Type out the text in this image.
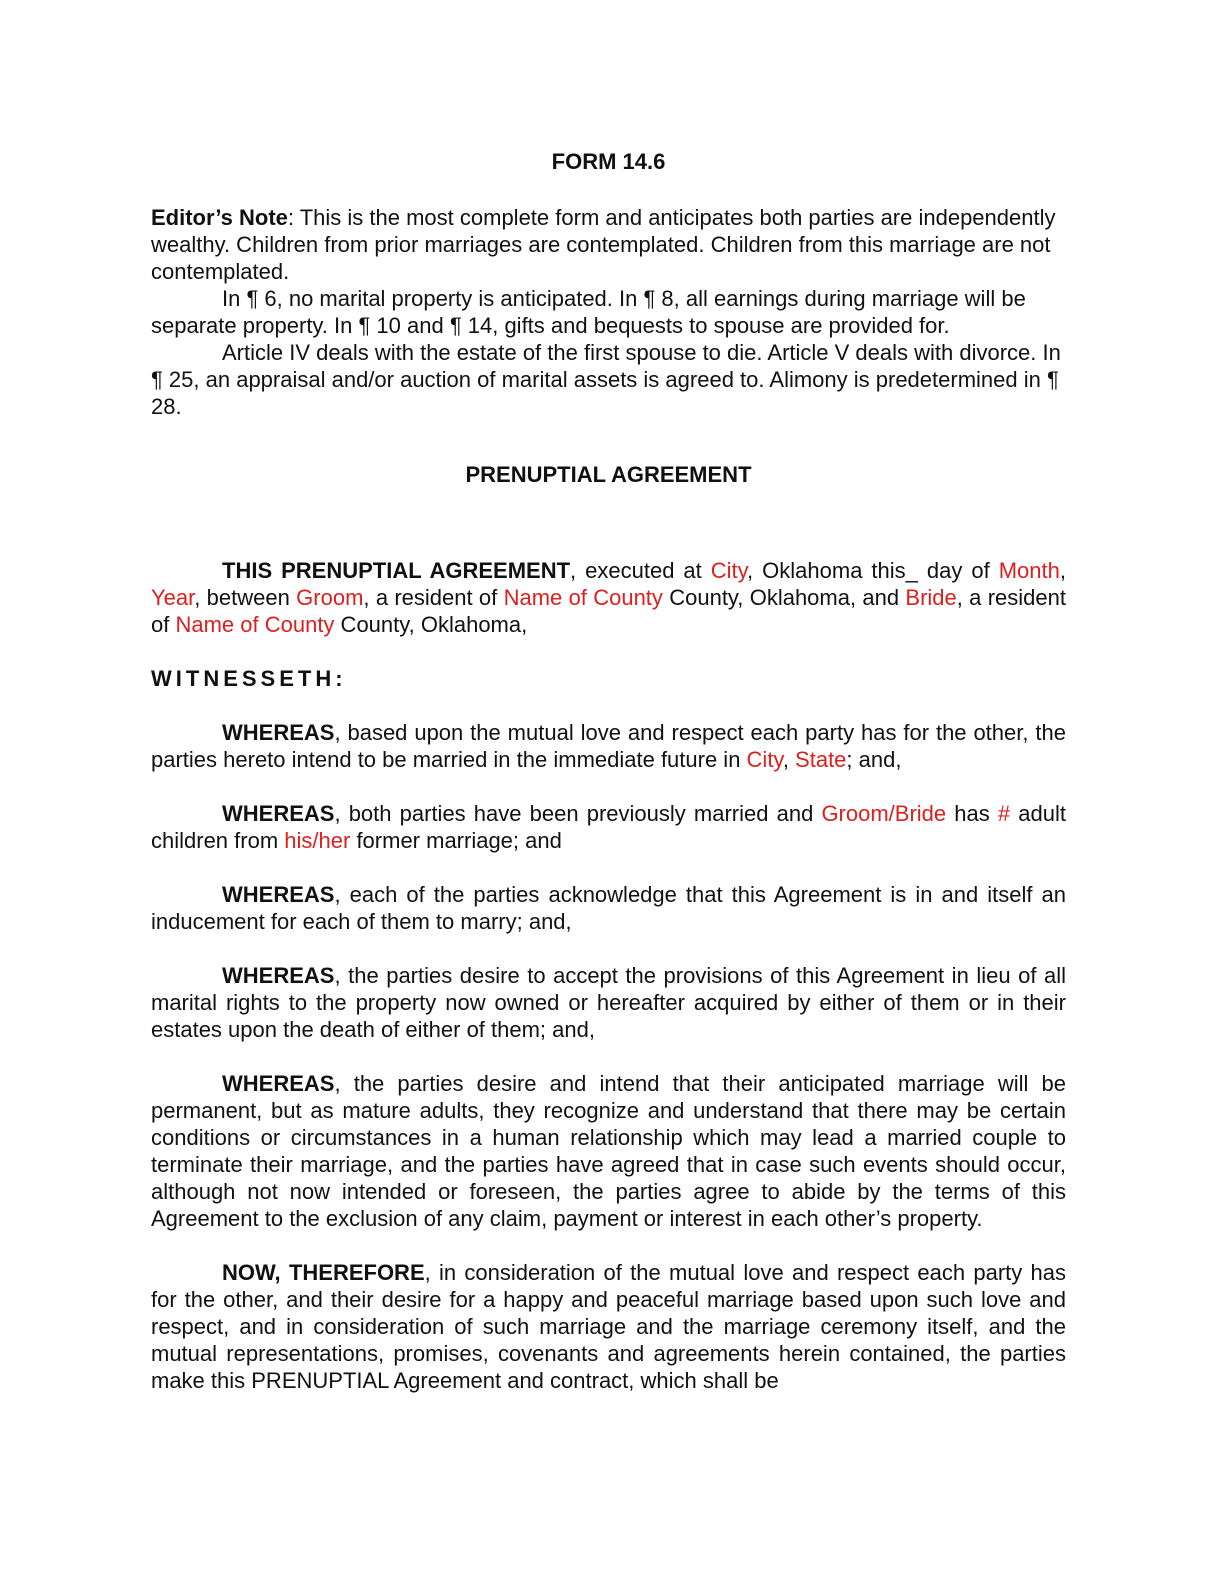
FORM 14.6

Editor’s Note: This is the most complete form and anticipates both parties are independently wealthy. Children from prior marriages are contemplated. Children from this marriage are not contemplated.

In ¶ 6, no marital property is anticipated. In ¶ 8, all earnings during marriage will be separate property. In ¶ 10 and ¶ 14, gifts and bequests to spouse are provided for.

Article IV deals with the estate of the first spouse to die. Article V deals with divorce. In ¶ 25, an appraisal and/or auction of marital assets is agreed to. Alimony is predetermined in ¶ 28.

PRENUPTIAL AGREEMENT

THIS PRENUPTIAL AGREEMENT, executed at City, Oklahoma this_ day of Month, Year, between Groom, a resident of Name of County County, Oklahoma, and Bride, a resident of Name of County County, Oklahoma,

WITNESSETH:

WHEREAS, based upon the mutual love and respect each party has for the other, the parties hereto intend to be married in the immediate future in City, State; and,

WHEREAS, both parties have been previously married and Groom/Bride has # adult children from his/her former marriage; and

WHEREAS, each of the parties acknowledge that this Agreement is in and itself an inducement for each of them to marry; and,

WHEREAS, the parties desire to accept the provisions of this Agreement in lieu of all marital rights to the property now owned or hereafter acquired by either of them or in their estates upon the death of either of them; and,

WHEREAS, the parties desire and intend that their anticipated marriage will be permanent, but as mature adults, they recognize and understand that there may be certain conditions or circumstances in a human relationship which may lead a married couple to terminate their marriage, and the parties have agreed that in case such events should occur, although not now intended or foreseen, the parties agree to abide by the terms of this Agreement to the exclusion of any claim, payment or interest in each other’s property.

NOW, THEREFORE, in consideration of the mutual love and respect each party has for the other, and their desire for a happy and peaceful marriage based upon such love and respect, and in consideration of such marriage and the marriage ceremony itself, and the mutual representations, promises, covenants and agreements herein contained, the parties make this PRENUPTIAL Agreement and contract, which shall be
